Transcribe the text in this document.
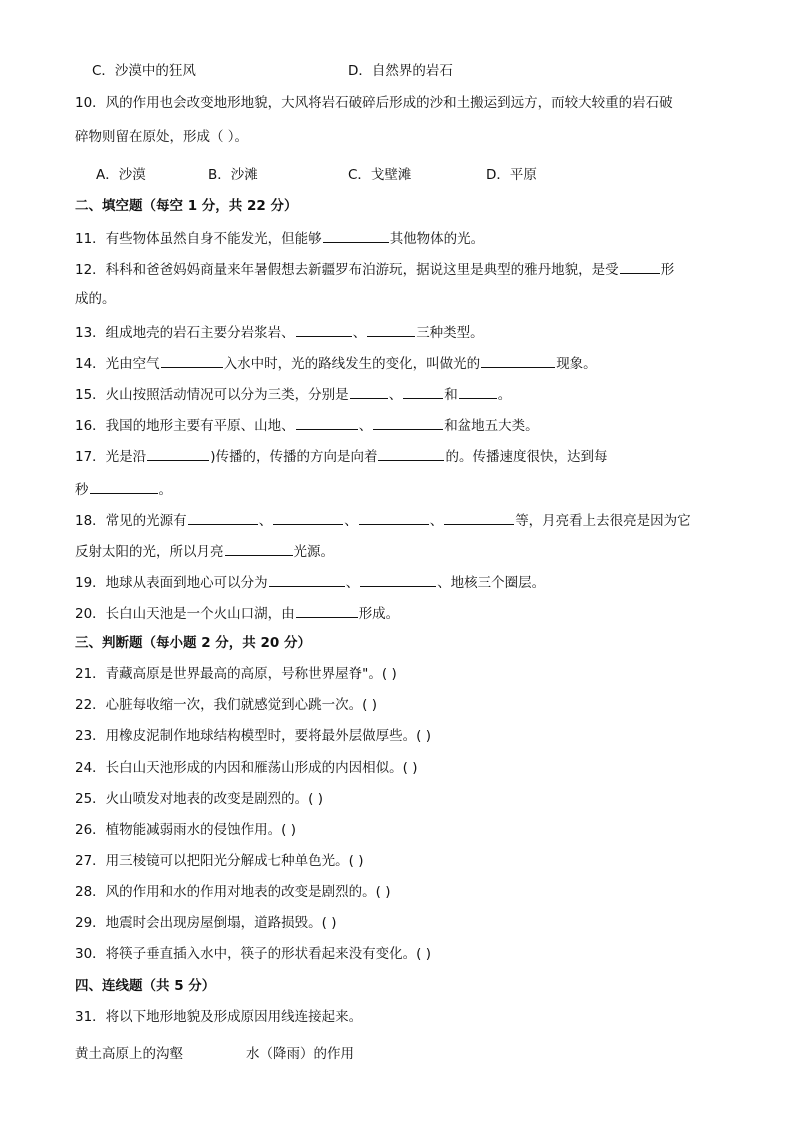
C．沙漠中的狂风	D．自然界的岩石
10．风的作用也会改变地形地貌，大风将岩石破碎后形成的沙和土搬运到远方，而较大较重的岩石破
碎物则留在原处，形成（ ）。
A．沙漠	B．沙滩	C．戈壁滩	D．平原
二、填空题（每空 1 分，共 22 分）
11．有些物体虽然自身不能发光，但能够	其他物体的光。
12．科科和爸爸妈妈商量来年暑假想去新疆罗布泊游玩，据说这里是典型的雅丹地貌，是受	形
成的。
13．组成地壳的岩石主要分岩浆岩、	、	三种类型。
14．光由空气	入水中时，光的路线发生的变化，叫做光的	现象。
15．火山按照活动情况可以分为三类，分别是	、	和	。
16．我国的地形主要有平原、山地、	、	和盆地五大类。
17．光是沿	)传播的，传播的方向是向着	的。传播速度很快，达到每
秒	。
18．常见的光源有	、	、	、	等，月亮看上去很亮是因为它
反射太阳的光，所以月亮	光源。
19．地球从表面到地心可以分为	、	、地核三个圈层。
20．长白山天池是一个火山口湖，由	形成。
三、判断题（每小题 2 分，共 20 分）
21．青藏高原是世界最高的高原，号称世界屋脊"。( )
22．心脏每收缩一次，我们就感觉到心跳一次。( )
23．用橡皮泥制作地球结构模型时，要将最外层做厚些。( )
24．长白山天池形成的内因和雁荡山形成的内因相似。( )
25．火山喷发对地表的改变是剧烈的。( )
26．植物能减弱雨水的侵蚀作用。( )
27．用三棱镜可以把阳光分解成七种单色光。( )
28．风的作用和水的作用对地表的改变是剧烈的。( )
29．地震时会出现房屋倒塌，道路损毁。( )
30．将筷子垂直插入水中，筷子的形状看起来没有变化。( )
四、连线题（共 5 分）
31．将以下地形地貌及形成原因用线连接起来。
黄土高原上的沟壑	水（降雨）的作用
